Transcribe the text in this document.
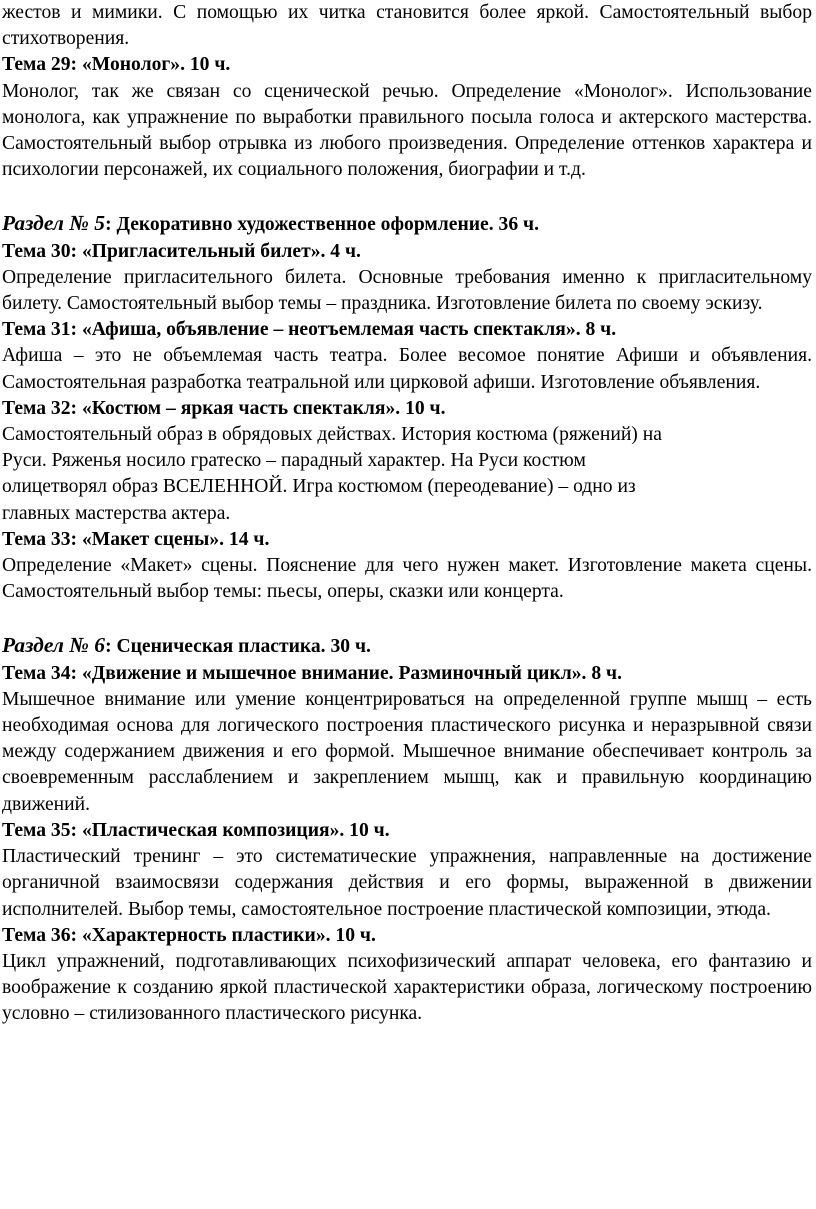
жестов и мимики. С помощью их читка становится более яркой. Самостоятельный выбор стихотворения.

Тема 29: «Монолог». 10 ч.

Монолог, так же связан со сценической речью. Определение «Монолог». Использование монолога, как упражнение по выработки правильного посыла голоса и актерского мастерства. Самостоятельный выбор отрывка из любого произведения. Определение оттенков характера и психологии персонажей, их социального положения, биографии и т.д.

Раздел № 5: Декоративно художественное оформление. 36 ч.

Тема 30: «Пригласительный билет». 4 ч.

Определение пригласительного билета. Основные требования именно к пригласительному билету. Самостоятельный выбор темы – праздника. Изготовление билета по своему эскизу.

Тема 31: «Афиша, объявление – неотъемлемая часть спектакля». 8 ч.

Афиша – это не объемлемая часть театра. Более весомое понятие Афиши и объявления. Самостоятельная разработка театральной или цирковой афиши. Изготовление объявления.

Тема 32: «Костюм – яркая часть спектакля». 10 ч.

Самостоятельный образ в обрядовых действах. История костюма (ряжений) на

Руси. Ряженья носило гратеско – парадный характер. На Руси костюм

олицетворял образ ВСЕЛЕННОЙ. Игра костюмом (переодевание) – одно из

главных мастерства актера.

Тема 33: «Макет сцены». 14 ч.

Определение «Макет» сцены. Пояснение для чего нужен макет. Изготовление макета сцены. Самостоятельный выбор темы: пьесы, оперы, сказки или концерта.

Раздел № 6: Сценическая пластика. 30 ч.

Тема 34: «Движение и мышечное внимание. Разминочный цикл». 8 ч.

Мышечное внимание или умение концентрироваться на определенной группе мышц – есть необходимая основа для логического построения пластического рисунка и неразрывной связи между содержанием движения и его формой. Мышечное внимание обеспечивает контроль за своевременным расслаблением и закреплением мышц, как и правильную координацию движений.

Тема 35: «Пластическая композиция». 10 ч.

Пластический тренинг – это систематические упражнения, направленные на достижение органичной взаимосвязи содержания действия и его формы, выраженной в движении исполнителей. Выбор темы, самостоятельное построение пластической композиции, этюда.

Тема 36: «Характерность пластики». 10 ч.

Цикл упражнений, подготавливающих психофизический аппарат человека, его фантазию и воображение к созданию яркой пластической характеристики образа, логическому построению условно – стилизованного пластического рисунка.
